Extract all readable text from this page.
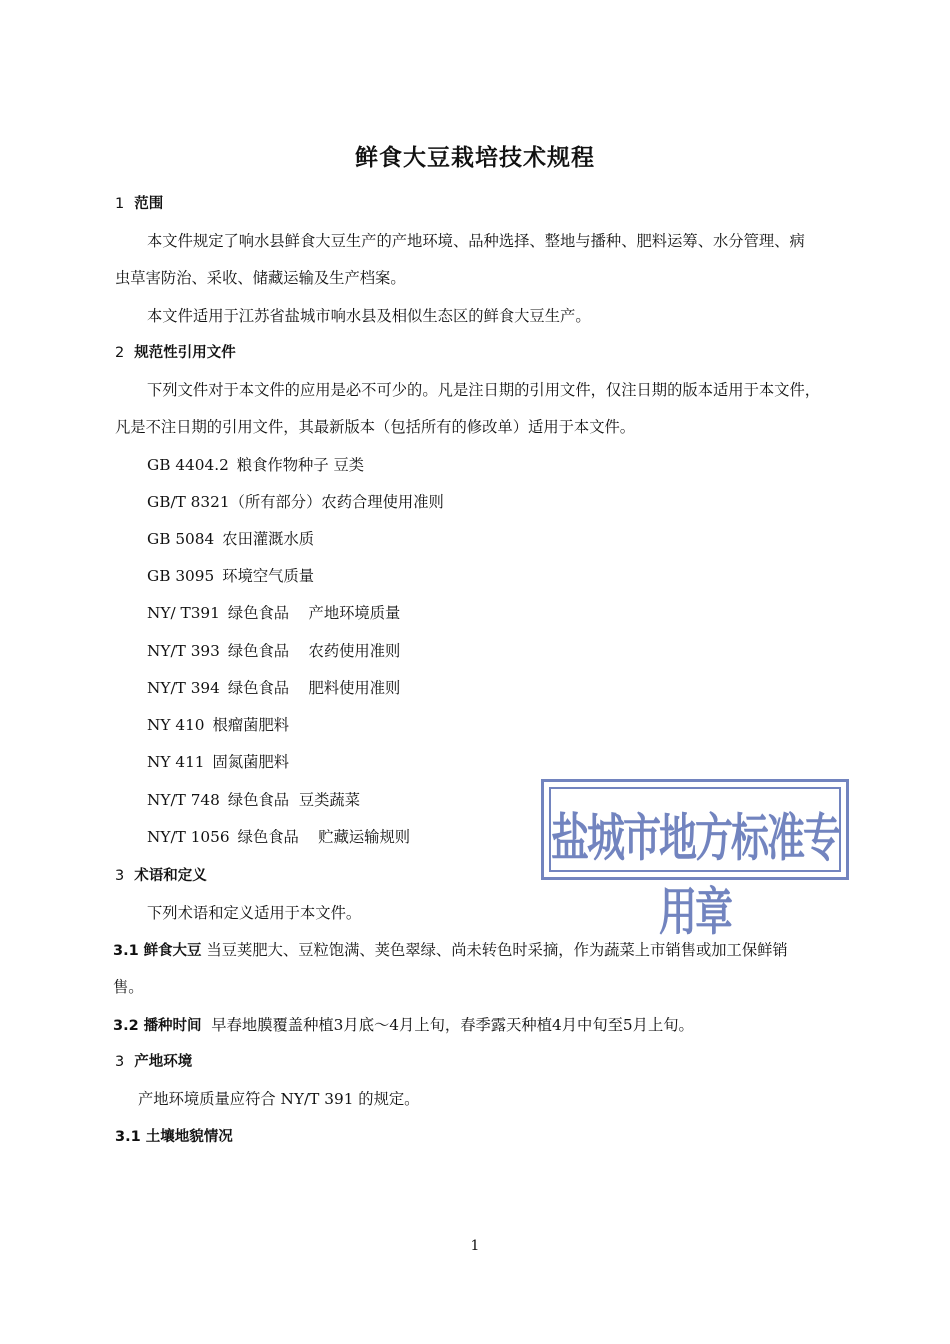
鲜食大豆栽培技术规程
1 范围
本文件规定了响水县鲜食大豆生产的产地环境、品种选择、整地与播种、肥料运筹、水分管理、病
虫草害防治、采收、储藏运输及生产档案。
本文件适用于江苏省盐城市响水县及相似生态区的鲜食大豆生产。
2 规范性引用文件
下列文件对于本文件的应用是必不可少的。凡是注日期的引用文件，仅注日期的版本适用于本文件，
凡是不注日期的引用文件，其最新版本（包括所有的修改单）适用于本文件。
GB 4404.2 粮食作物种子 豆类
GB/T 8321（所有部分）农药合理使用准则
GB 5084 农田灌溉水质
GB 3095 环境空气质量
NY/ T391 绿色食品    产地环境质量
NY/T 393 绿色食品    农药使用准则
NY/T 394 绿色食品    肥料使用准则
NY 410 根瘤菌肥料
NY 411 固氮菌肥料
NY/T 748 绿色食品  豆类蔬菜
NY/T 1056 绿色食品    贮藏运输规则	盐城市地方标准专用章
3 术语和定义
下列术语和定义适用于本文件。
3.1 鲜食大豆 当豆荚肥大、豆粒饱满、荚色翠绿、尚未转色时采摘，作为蔬菜上市销售或加工保鲜销
售。
3.2 播种时间 早春地膜覆盖种植3月底～4月上旬，春季露天种植4月中旬至5月上旬。
3 产地环境
产地环境质量应符合 NY/T 391 的规定。
3.1 土壤地貌情况
1
